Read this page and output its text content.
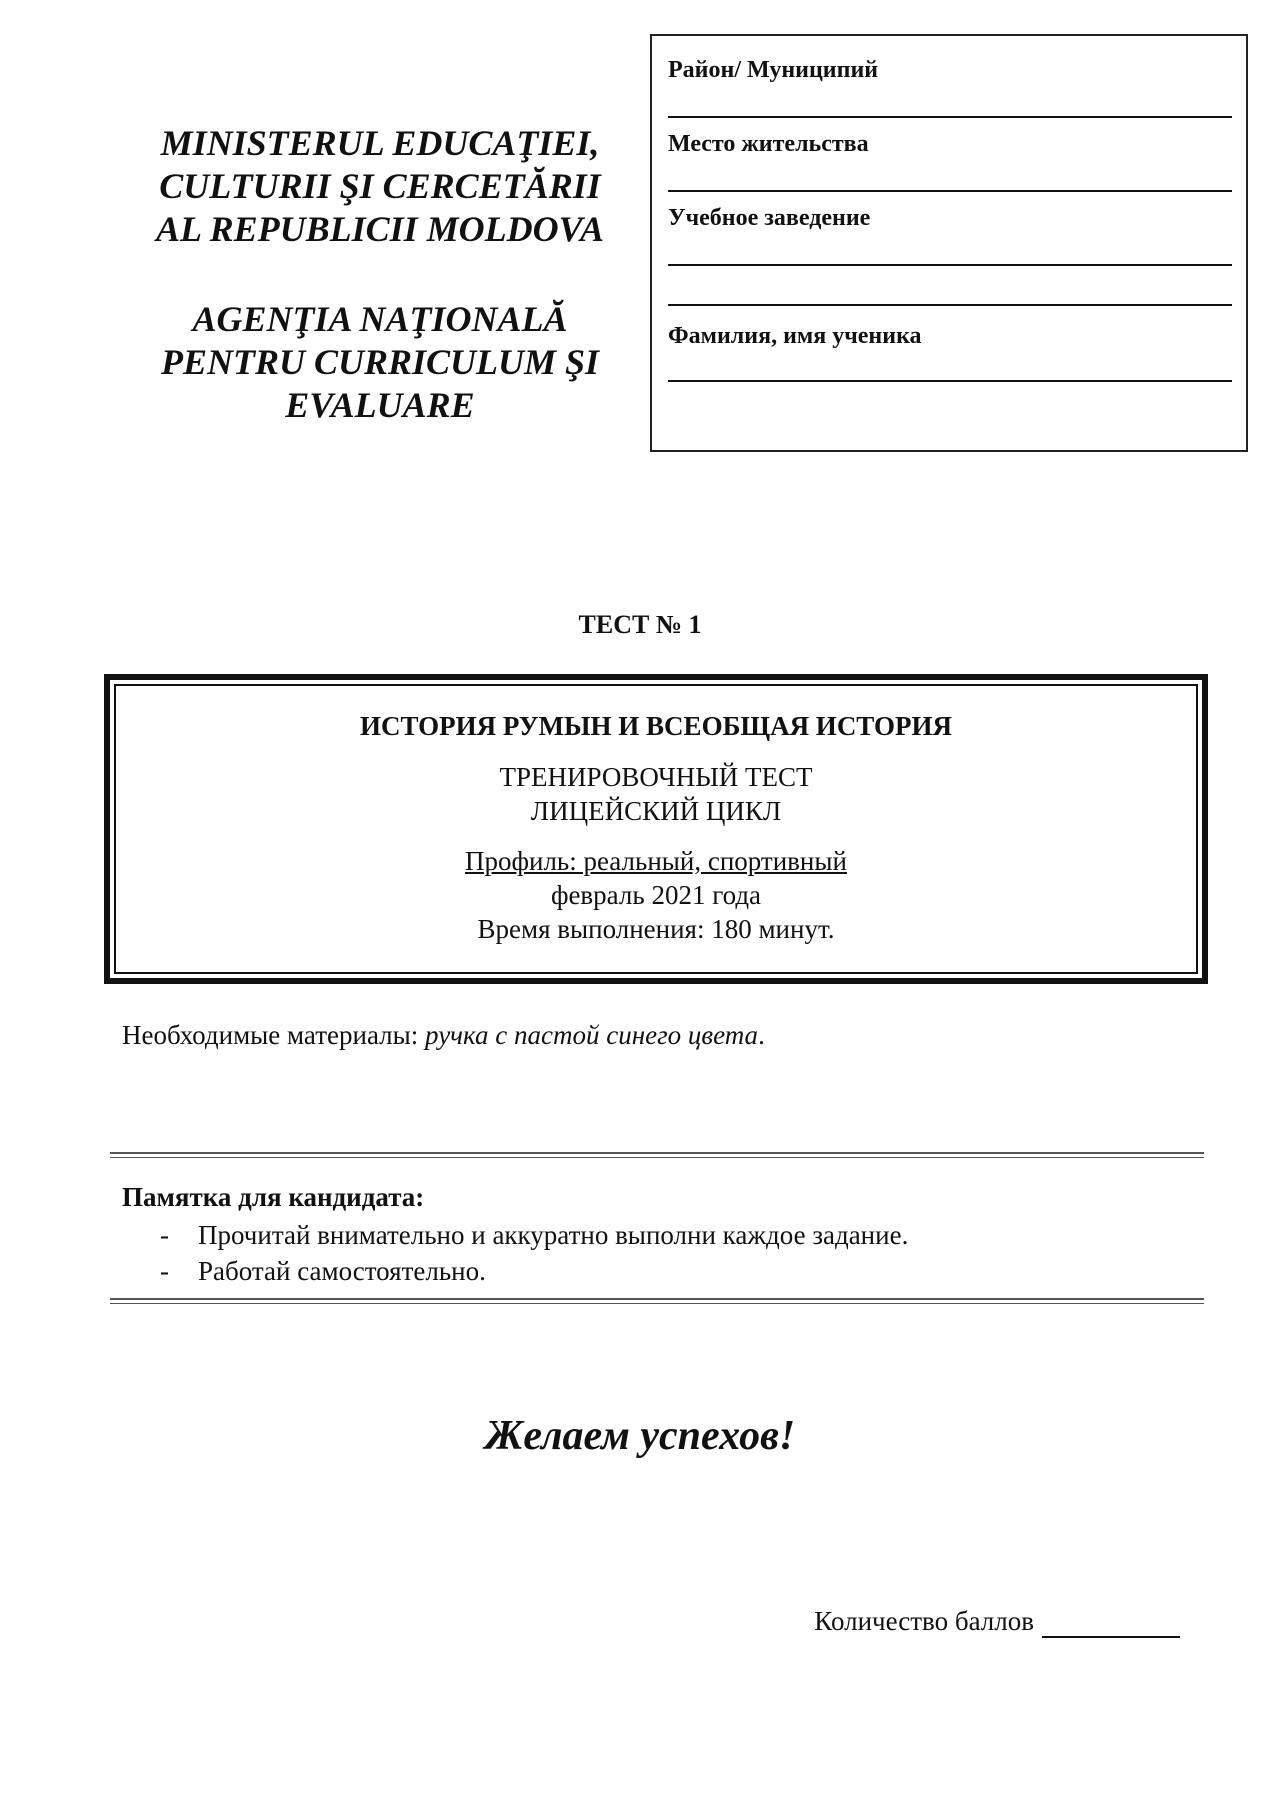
MINISTERUL EDUCAŢIEI,
CULTURII ŞI CERCETĂRII
AL REPUBLICII MOLDOVA
AGENŢIA NAŢIONALĂ
PENTRU CURRICULUM ŞI
EVALUARE
Район/ Муниципий
Место жительства
Учебное заведение
Фамилия, имя ученика
ТЕСТ № 1
ИСТОРИЯ РУМЫН И ВСЕОБЩАЯ ИСТОРИЯ
ТРЕНИРОВОЧНЫЙ ТЕСТ
ЛИЦЕЙСКИЙ ЦИКЛ
Профиль: реальный, спортивный
февраль 2021 года
Время выполнения: 180 минут.
Необходимые материалы: ручка с пастой синего цвета.
Памятка для кандидата:
-	Прочитай внимательно и аккуратно выполни каждое задание.
-	Работай самостоятельно.
Желаем успехов!
Количество баллов
